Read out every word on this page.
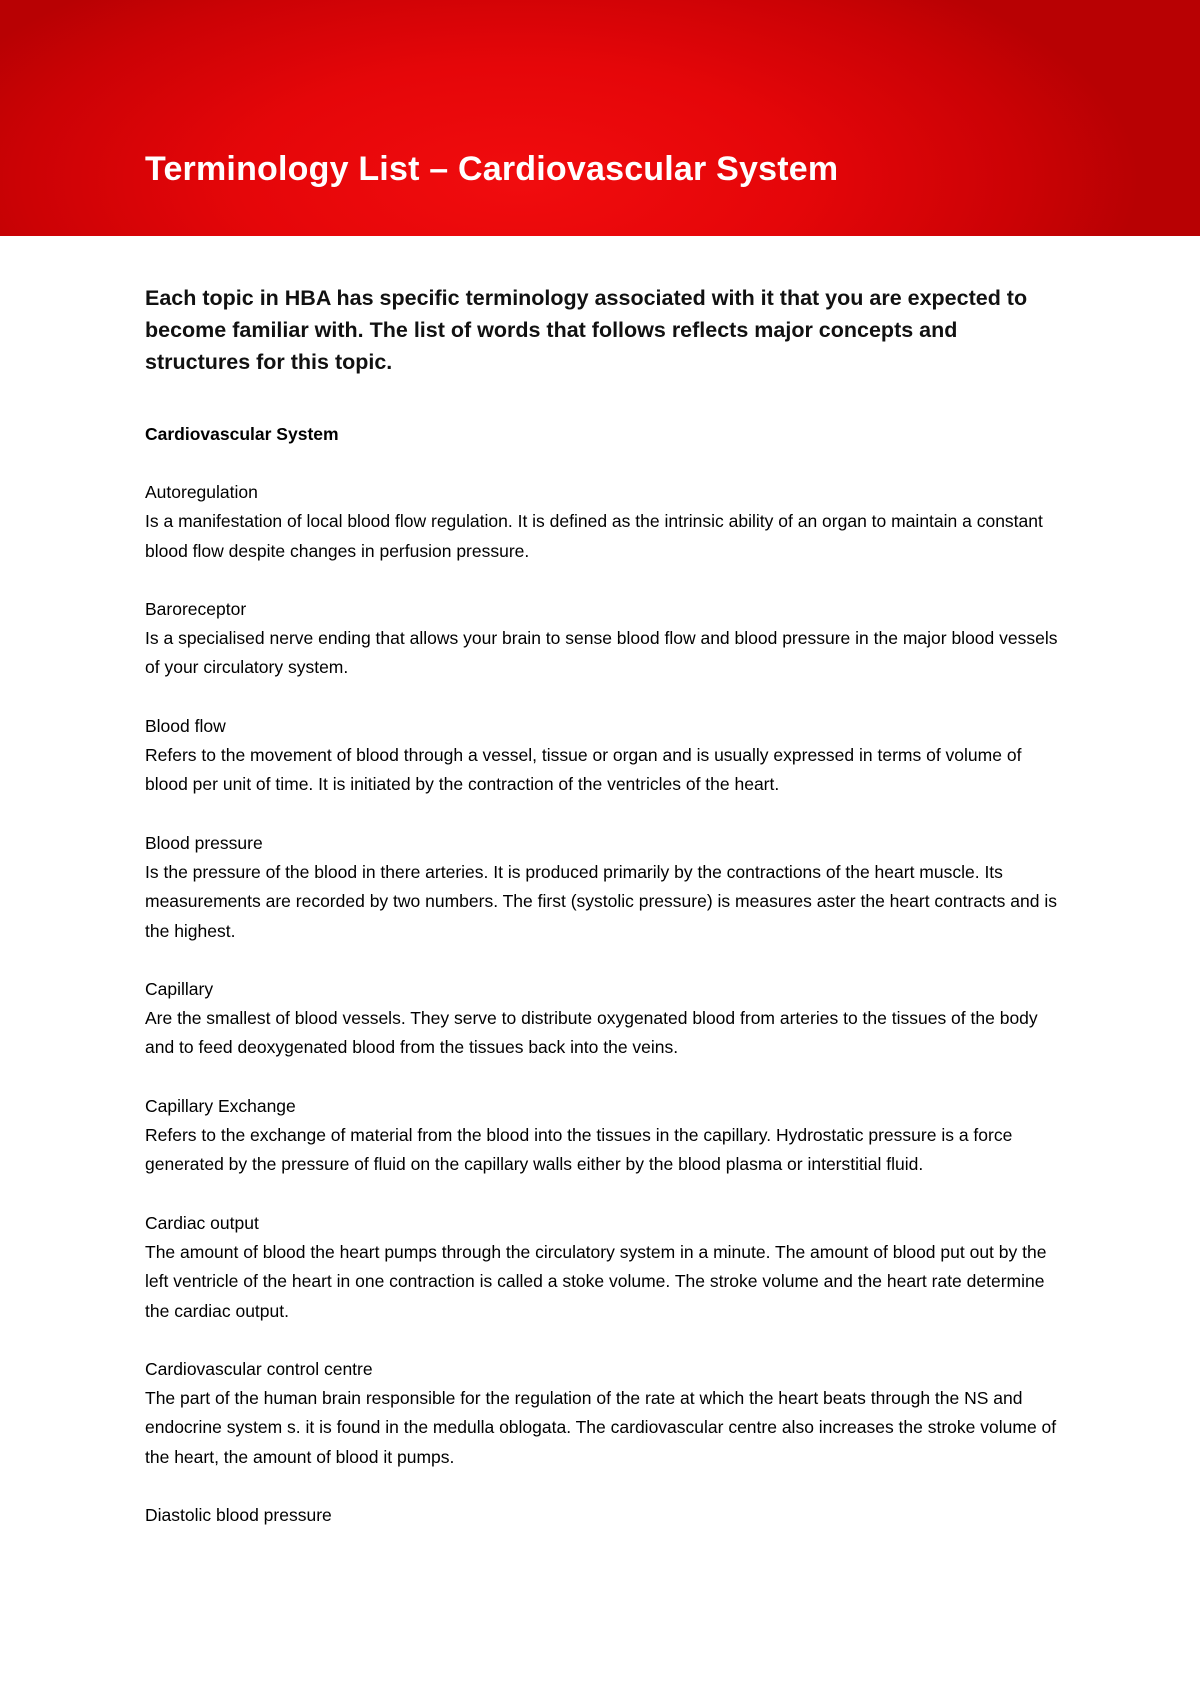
Terminology List – Cardiovascular System

Each topic in HBA has specific terminology associated with it that you are expected to become familiar with. The list of words that follows reflects major concepts and structures for this topic.

Cardiovascular System

Autoregulation
Is a manifestation of local blood flow regulation. It is defined as the intrinsic ability of an organ to maintain a constant blood flow despite changes in perfusion pressure.
Baroreceptor
Is a specialised nerve ending that allows your brain to sense blood flow and blood pressure in the major blood vessels of your circulatory system.
Blood flow
Refers to the movement of blood through a vessel, tissue or organ and is usually expressed in terms of volume of blood per unit of time. It is initiated by the contraction of the ventricles of the heart.
Blood pressure
Is the pressure of the blood in there arteries. It is produced primarily by the contractions of the heart muscle. Its measurements are recorded by two numbers. The first (systolic pressure) is measures aster the heart contracts and is the highest.
Capillary
Are the smallest of blood vessels. They serve to distribute oxygenated blood from arteries to the tissues of the body and to feed deoxygenated blood from the tissues back into the veins.
Capillary Exchange
Refers to the exchange of material from the blood into the tissues in the capillary. Hydrostatic pressure is a force generated by the pressure of fluid on the capillary walls either by the blood plasma or interstitial fluid.
Cardiac output
The amount of blood the heart pumps through the circulatory system in a minute. The amount of blood put out by the left ventricle of the heart in one contraction is called a stoke volume. The stroke volume and the heart rate determine the cardiac output.
Cardiovascular control centre
The part of the human brain responsible for the regulation of the rate at which the heart beats through the NS and endocrine system s. it is found in the medulla oblogata. The cardiovascular centre also increases the stroke volume of the heart, the amount of blood it pumps.
Diastolic blood pressure
